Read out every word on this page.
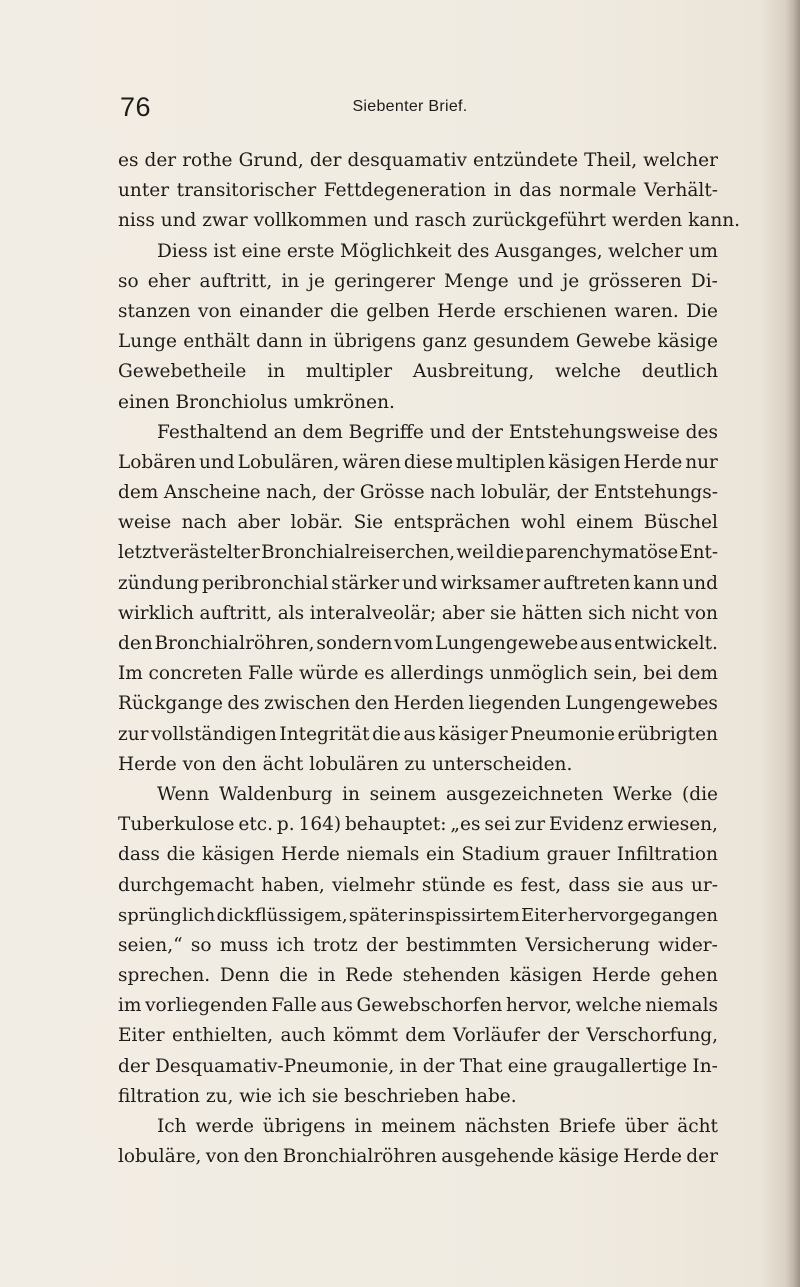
76	Siebenter Brief.
es der rothe Grund, der desquamativ entzündete Theil, welcher
unter transitorischer Fettdegeneration in das normale Verhält-
niss und zwar vollkommen und rasch zurückgeführt werden kann.
Diess ist eine erste Möglichkeit des Ausganges, welcher um
so eher auftritt, in je geringerer Menge und je grösseren Di-
stanzen von einander die gelben Herde erschienen waren. Die
Lunge enthält dann in übrigens ganz gesundem Gewebe käsige
Gewebetheile in multipler Ausbreitung, welche deutlich
einen Bronchiolus umkrönen.
Festhaltend an dem Begriffe und der Entstehungsweise des
Lobären und Lobulären, wären diese multiplen käsigen Herde nur
dem Anscheine nach, der Grösse nach lobulär, der Entstehungs-
weise nach aber lobär. Sie entsprächen wohl einem Büschel
letztverästelter Bronchialreiserchen, weil die parenchymatöse Ent-
zündung peribronchial stärker und wirksamer auftreten kann und
wirklich auftritt, als interalveolär; aber sie hätten sich nicht von
den Bronchialröhren, sondern vom Lungengewebe aus entwickelt.
Im concreten Falle würde es allerdings unmöglich sein, bei dem
Rückgange des zwischen den Herden liegenden Lungengewebes
zur vollständigen Integrität die aus käsiger Pneumonie erübrigten
Herde von den ächt lobulären zu unterscheiden.
Wenn Waldenburg in seinem ausgezeichneten Werke (die
Tuberkulose etc. p. 164) behauptet: „es sei zur Evidenz erwiesen,
dass die käsigen Herde niemals ein Stadium grauer Infiltration
durchgemacht haben, vielmehr stünde es fest, dass sie aus ur-
sprünglich dickflüssigem, später inspissirtem Eiter hervorgegangen
seien,“ so muss ich trotz der bestimmten Versicherung wider-
sprechen. Denn die in Rede stehenden käsigen Herde gehen
im vorliegenden Falle aus Gewebschorfen hervor, welche niemals
Eiter enthielten, auch kömmt dem Vorläufer der Verschorfung,
der Desquamativ-Pneumonie, in der That eine graugallertige In-
filtration zu, wie ich sie beschrieben habe.
Ich werde übrigens in meinem nächsten Briefe über ächt
lobuläre, von den Bronchialröhren ausgehende käsige Herde der
